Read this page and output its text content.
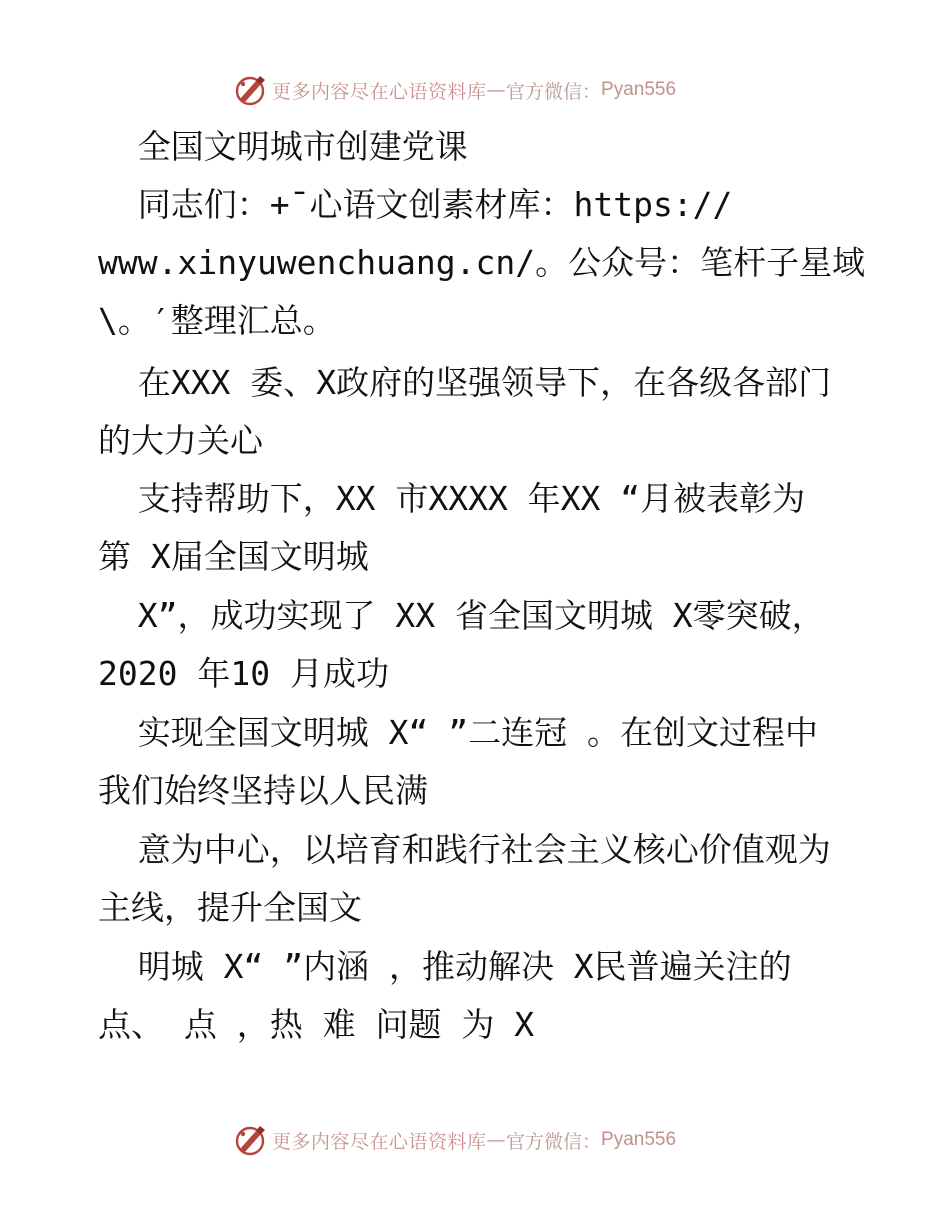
更多内容尽在心语资料库 — 官方微信： Pyan556
全国文明城市创建党课
同志们：+¯心语文创素材库：https://
www.xinyuwenchuang.cn/。公众号：笔杆子星域
\。′整理汇总。
在XXX 委、X政府的坚强领导下，在各级各部门
的大力关心
支持帮助下，XX 市XXXX 年XX “月被表彰为
第 X届全国文明城
X”，成功实现了 XX 省全国文明城 X零突破，
2020 年10 月成功
实现全国文明城 X“ ”二连冠 。在创文过程中
我们始终坚持以人民满
意为中心，以培育和践行社会主义核心价值观为
主线，提升全国文
明城 X“ ”内涵 ，推动解决 X民普遍关注的
点、 点 ，热 难 问题 为 X
更多内容尽在心语资料库 — 官方微信： Pyan556
